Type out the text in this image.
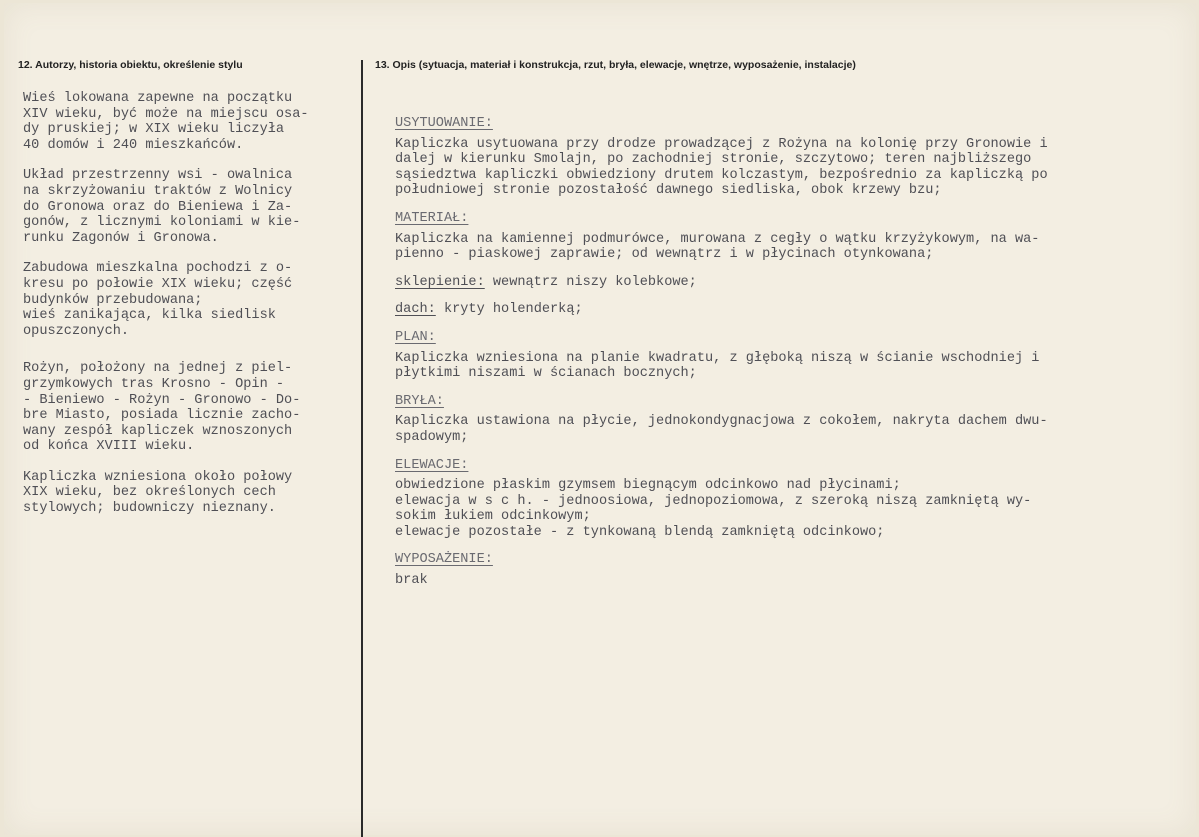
12. Autorzy, historia obiektu, określenie stylu	13. Opis (sytuacja, materiał i konstrukcja, rzut, bryła, elewacje, wnętrze, wyposażenie, instalacje)
Wieś lokowana zapewne na początku
XIV wieku, być może na miejscu osa-
dy pruskiej; w XIX wieku liczyła
40 domów i 240 mieszkańców.
Układ przestrzenny wsi - owalnica
na skrzyżowaniu traktów z Wolnicy
do Gronowa oraz do Bieniewa i Za-
gonów, z licznymi koloniami w kie-
runku Zagonów i Gronowa.
Zabudowa mieszkalna pochodzi z o-
kresu po połowie XIX wieku; część
budynków przebudowana;
wieś zanikająca, kilka siedlisk
opuszczonych.
Rożyn, położony na jednej z piel-
grzymkowych tras Krosno - Opin -
- Bieniewo - Rożyn - Gronowo - Do-
bre Miasto, posiada licznie zacho-
wany zespół kapliczek wznoszonych
od końca XVIII wieku.
Kapliczka wzniesiona około połowy
XIX wieku, bez określonych cech
stylowych; budowniczy nieznany.
USYTUOWANIE:
Kapliczka usytuowana przy drodze prowadzącej z Rożyna na kolonię przy Gronowie i
dalej w kierunku Smolajn, po zachodniej stronie, szczytowo; teren najbliższego
sąsiedztwa kapliczki obwiedziony drutem kolczastym, bezpośrednio za kapliczką po
południowej stronie pozostałość dawnego siedliska, obok krzewy bzu;
MATERIAŁ:
Kapliczka na kamiennej podmurówce, murowana z cegły o wątku krzyżykowym, na wa-
pienno - piaskowej zaprawie; od wewnątrz i w płycinach otynkowana;
sklepienie: wewnątrz niszy kolebkowe;
dach: kryty holenderką;
PLAN:
Kapliczka wzniesiona na planie kwadratu, z głęboką niszą w ścianie wschodniej i
płytkimi niszami w ścianach bocznych;
BRYŁA:
Kapliczka ustawiona na płycie, jednokondygnacjowa z cokołem, nakryta dachem dwu-
spadowym;
ELEWACJE:
obwiedzione płaskim gzymsem biegnącym odcinkowo nad płycinami;
elewacja w s c h. - jednoosiowa, jednopoziomowa, z szeroką niszą zamkniętą wy-
sokim łukiem odcinkowym;
elewacje pozostałe - z tynkowaną blendą zamkniętą odcinkowo;
WYPOSAŻENIE:
brak
